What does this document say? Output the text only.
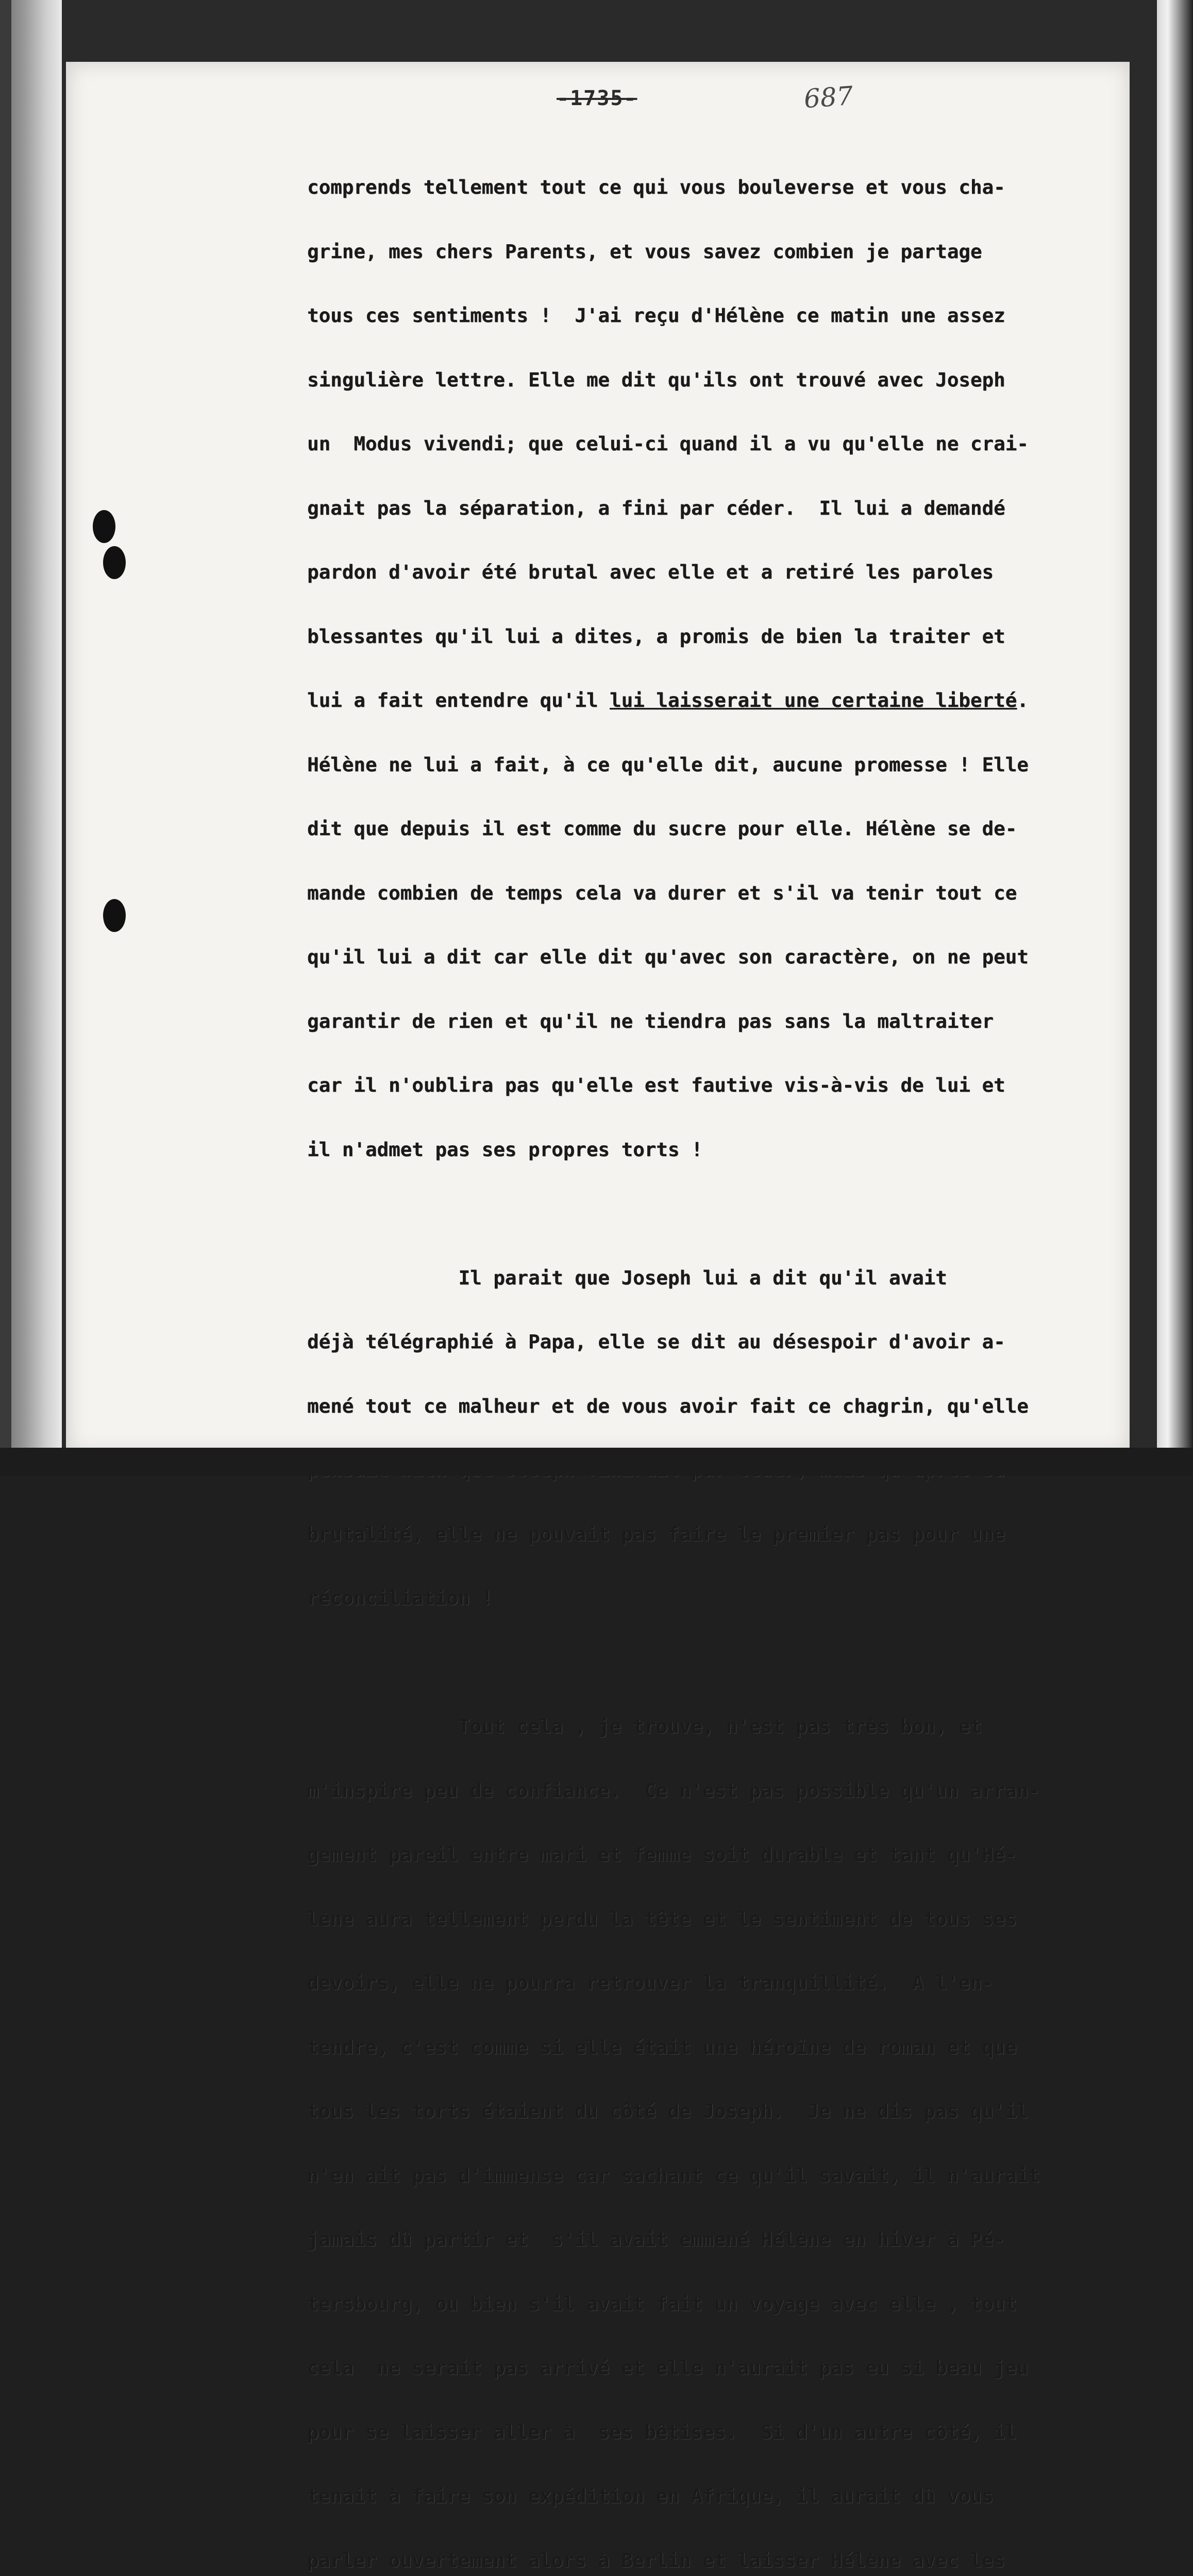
-1735-	687

comprends tellement tout ce qui vous bouleverse et vous cha-

grine, mes chers Parents, et vous savez combien je partage

tous ces sentiments !  J'ai reçu d'Hélène ce matin une assez

singulière lettre. Elle me dit qu'ils ont trouvé avec Joseph

un  Modus vivendi; que celui-ci quand il a vu qu'elle ne crai-

gnait pas la séparation, a fini par céder.  Il lui a demandé

pardon d'avoir été brutal avec elle et a retiré les paroles

blessantes qu'il lui a dites, a promis de bien la traiter et

lui a fait entendre qu'il lui laisserait une certaine liberté.

Hélène ne lui a fait, à ce qu'elle dit, aucune promesse ! Elle

dit que depuis il est comme du sucre pour elle. Hélène se de-

mande combien de temps cela va durer et s'il va tenir tout ce

qu'il lui a dit car elle dit qu'avec son caractère, on ne peut

garantir de rien et qu'il ne tiendra pas sans la maltraiter

car il n'oublira pas qu'elle est fautive vis-à-vis de lui et

il n'admet pas ses propres torts !

Il parait que Joseph lui a dit qu'il avait

déjà télégraphié à Papa, elle se dit au désespoir d'avoir a-

mené tout ce malheur et de vous avoir fait ce chagrin, qu'elle

brutalité, elle ne pouvait pas faire le premier pas pour une

réconciliation !

Tout cela , je trouve, n'est pas très bon, et

m'inspire peu de confiance.  Ce n'est pas possible qu'un arran-

gement pareil entre mari et femme soit durable et tant qu'Hé-

lène aura tellement perdu la tête et le sentiment de tous ses

devoirs, elle ne pourra retrouver la tranquillité.  A l'en-

tendre, c'est comme si elle était une héroïne de roman et que

tous les torts étaient du côté de Joseph.  Je ne dis pas qu'il

n'en ait pas d'immense car sachant ce qu'il savait, il n'aurait

jamais dû partir et  s'il avait emmené Hélène en hiver à Pé-

tersbourg, ou bien s'il avait fait un voyage avec elle , tout

cela  ne serait pas arrivé et elle n'aurait pas eu si beau jeu

pour se laisser aller à  ses bêtises.  Si d'un autre côté, il

tenait à faire son expédition en Afrique, il aurait dû vous

parler ouvertement alors à Berlin et laisser Hélène avec les
